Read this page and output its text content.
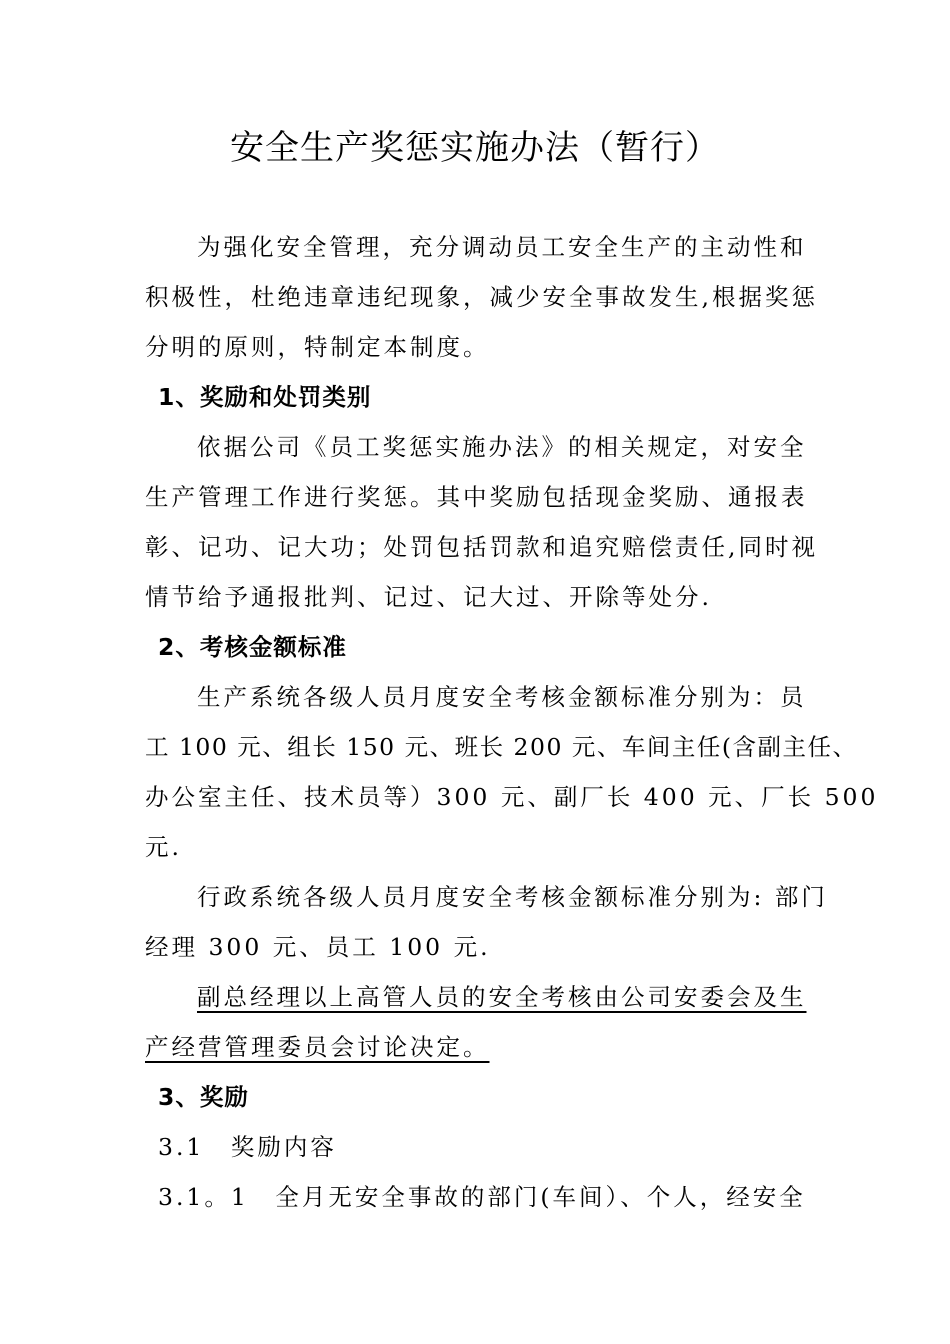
安全生产奖惩实施办法（暂行）
为强化安全管理，充分调动员工安全生产的主动性和
积极性，杜绝违章违纪现象，减少安全事故发生,根据奖惩
分明的原则，特制定本制度。
1、奖励和处罚类别
依据公司《员工奖惩实施办法》的相关规定，对安全
生产管理工作进行奖惩。其中奖励包括现金奖励、通报表
彰、记功、记大功；处罚包括罚款和追究赔偿责任,同时视
情节给予通报批判、记过、记大过、开除等处分.
2、考核金额标准
生产系统各级人员月度安全考核金额标准分别为：员
工 100 元、组长 150 元、班长 200 元、车间主任(含副主任、
办公室主任、技术员等）300 元、副厂长 400 元、厂长 500
元.
行政系统各级人员月度安全考核金额标准分别为: 部门
经理 300 元、员工 100 元.
副总经理以上高管人员的安全考核由公司安委会及生
产经营管理委员会讨论决定。
3、奖励
3.1　奖励内容
3.1。1　全月无安全事故的部门(车间）、个人，经安全
